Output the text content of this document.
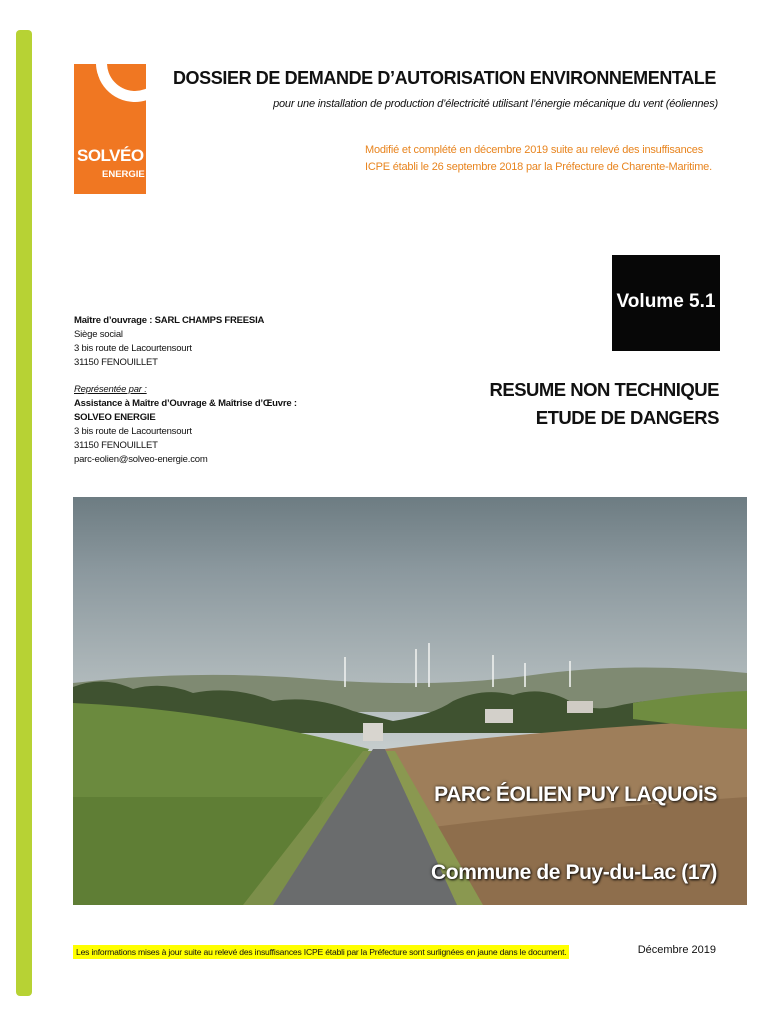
SOLVÉO
ENERGIE
DOSSIER DE DEMANDE D’AUTORISATION ENVIRONNEMENTALE
pour une installation de production d’électricité utilisant l’énergie mécanique du vent (éoliennes)
Modifié et complété en décembre 2019 suite au relevé des insuffisances ICPE établi le 26 septembre 2018 par la Préfecture de Charente-Maritime.
Volume 5.1
Maître d’ouvrage : SARL CHAMPS FREESIA
Siège social
3 bis route de Lacourtensourt
31150 FENOUILLET
Représentée par :
Assistance à Maître d’Ouvrage & Maîtrise d’Œuvre :
SOLVEO ENERGIE
3 bis route de Lacourtensourt
31150 FENOUILLET
parc-eolien@solveo-energie.com
RESUME NON TECHNIQUE
ETUDE DE DANGERS
PARC ÉOLIEN PUY LAQUOiS
Commune de Puy-du-Lac (17)
Les informations mises à jour suite au relevé des insuffisances ICPE établi par la Préfecture sont surlignées en jaune dans le document.	Décembre 2019
